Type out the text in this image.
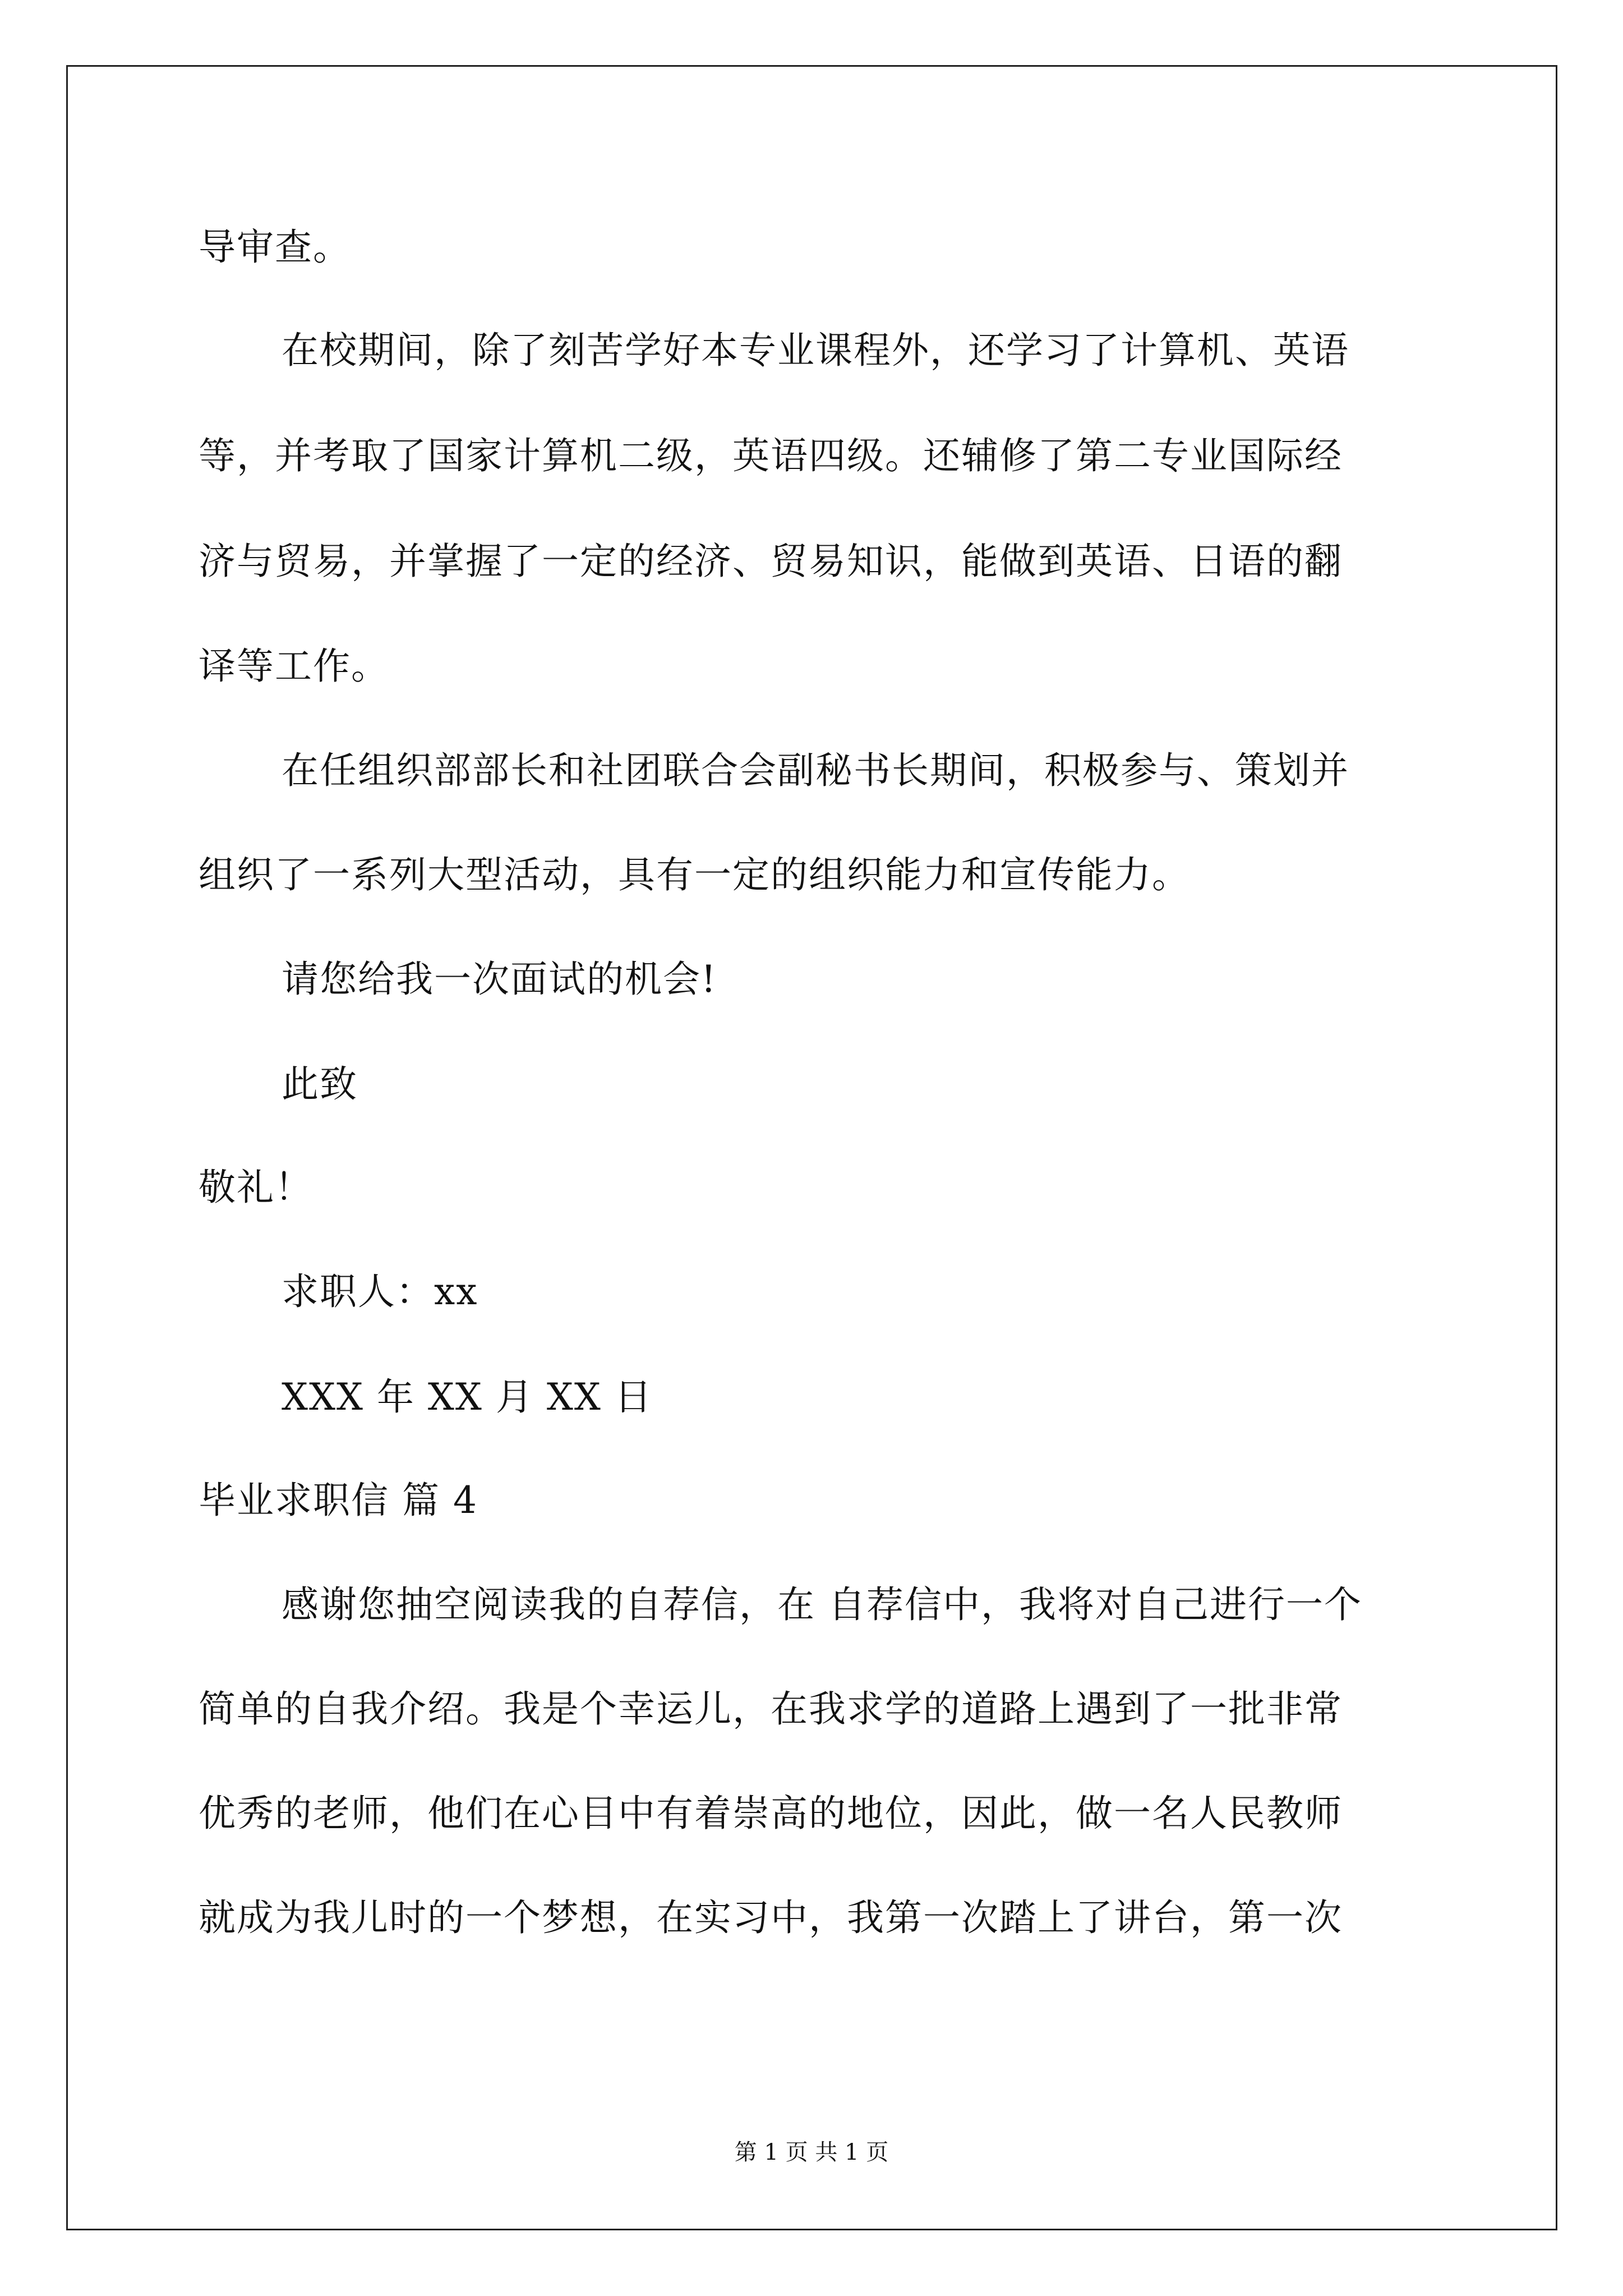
导审查。
在校期间，除了刻苦学好本专业课程外，还学习了计算机、英语
等，并考取了国家计算机二级，英语四级。还辅修了第二专业国际经
济与贸易，并掌握了一定的经济、贸易知识，能做到英语、日语的翻
译等工作。
在任组织部部长和社团联合会副秘书长期间，积极参与、策划并
组织了一系列大型活动，具有一定的组织能力和宣传能力。
请您给我一次面试的机会!
此致
敬礼！
求职人：xx
XXX 年 XX 月 XX 日
毕业求职信 篇 4
感谢您抽空阅读我的自荐信，在 自荐信中，我将对自己进行一个
简单的自我介绍。我是个幸运儿，在我求学的道路上遇到了一批非常
优秀的老师，他们在心目中有着崇高的地位，因此，做一名人民教师
就成为我儿时的一个梦想，在实习中，我第一次踏上了讲台，第一次
第 1 页 共 1 页
